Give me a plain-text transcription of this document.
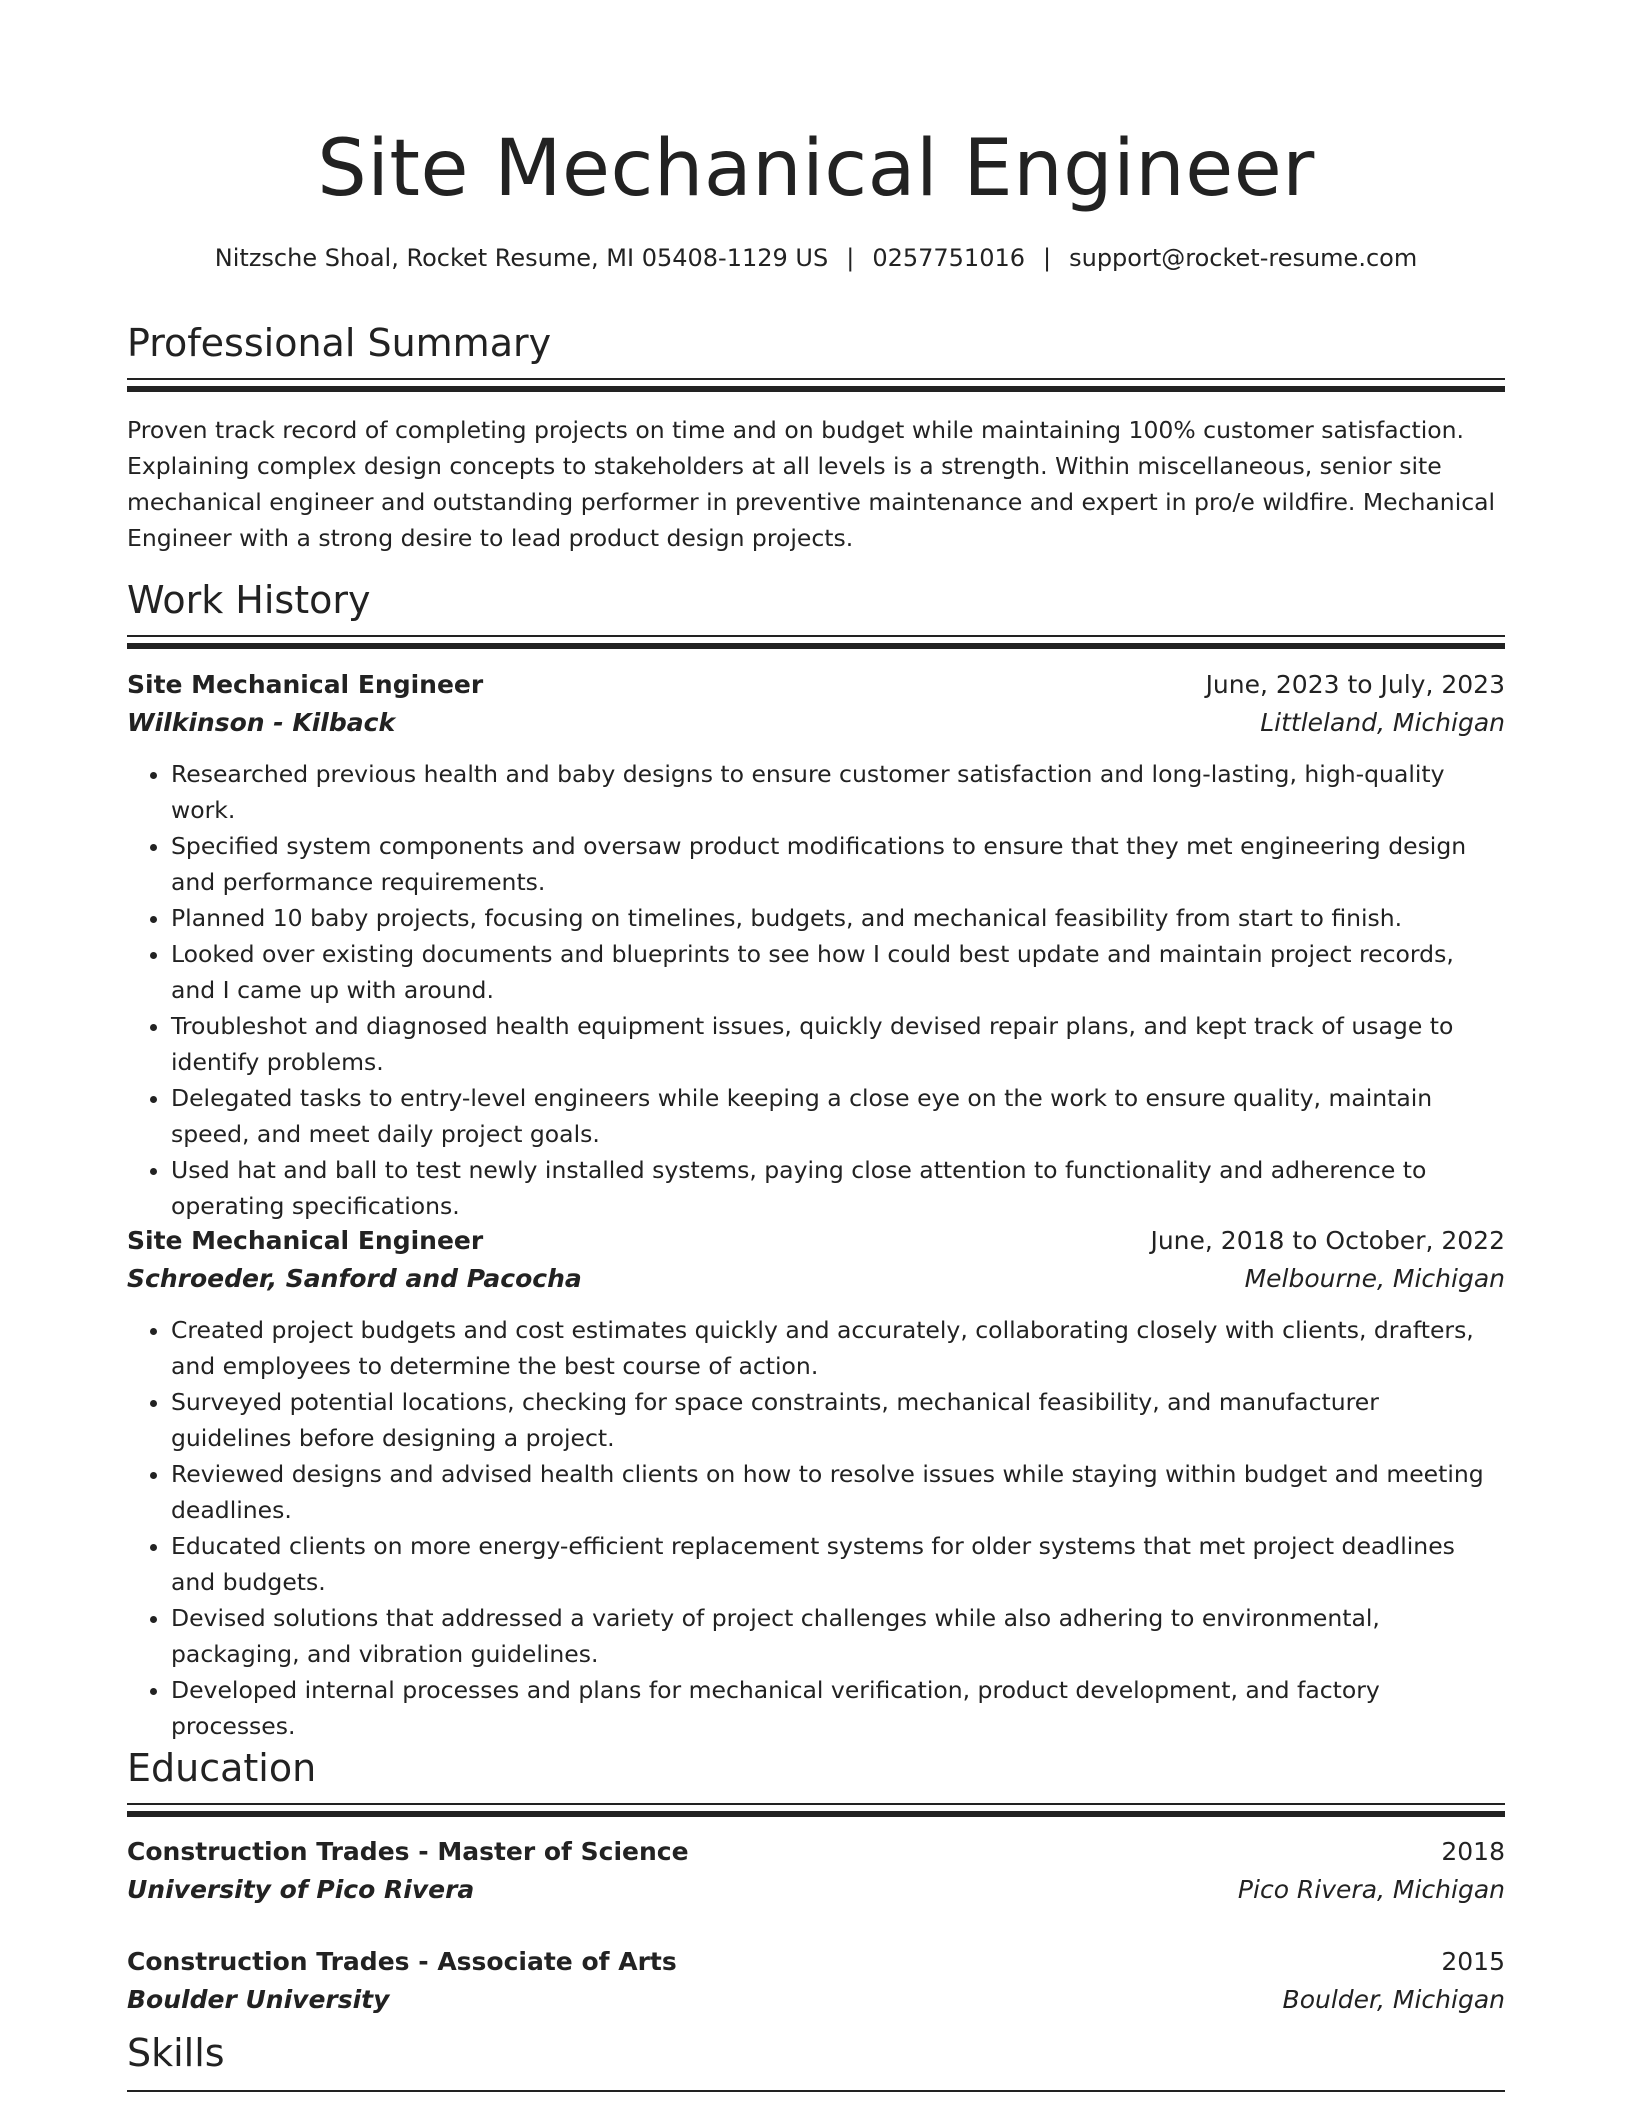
Site Mechanical Engineer
Nitzsche Shoal, Rocket Resume, MI 05408-1129 US | 0257751016 | support@rocket-resume.com
Professional Summary
Proven track record of completing projects on time and on budget while maintaining 100% customer satisfaction. Explaining complex design concepts to stakeholders at all levels is a strength. Within miscellaneous, senior site mechanical engineer and outstanding performer in preventive maintenance and expert in pro/e wildfire. Mechanical Engineer with a strong desire to lead product design projects.
Work History
Site Mechanical Engineer	June, 2023 to July, 2023
Wilkinson - Kilback	Littleland, Michigan
• Researched previous health and baby designs to ensure customer satisfaction and long-lasting, high-quality work.
• Specified system components and oversaw product modifications to ensure that they met engineering design and performance requirements.
• Planned 10 baby projects, focusing on timelines, budgets, and mechanical feasibility from start to finish.
• Looked over existing documents and blueprints to see how I could best update and maintain project records, and I came up with around.
• Troubleshot and diagnosed health equipment issues, quickly devised repair plans, and kept track of usage to identify problems.
• Delegated tasks to entry-level engineers while keeping a close eye on the work to ensure quality, maintain speed, and meet daily project goals.
• Used hat and ball to test newly installed systems, paying close attention to functionality and adherence to operating specifications.
Site Mechanical Engineer	June, 2018 to October, 2022
Schroeder, Sanford and Pacocha	Melbourne, Michigan
• Created project budgets and cost estimates quickly and accurately, collaborating closely with clients, drafters, and employees to determine the best course of action.
• Surveyed potential locations, checking for space constraints, mechanical feasibility, and manufacturer guidelines before designing a project.
• Reviewed designs and advised health clients on how to resolve issues while staying within budget and meeting deadlines.
• Educated clients on more energy-efficient replacement systems for older systems that met project deadlines and budgets.
• Devised solutions that addressed a variety of project challenges while also adhering to environmental, packaging, and vibration guidelines.
• Developed internal processes and plans for mechanical verification, product development, and factory processes.
Education
Construction Trades - Master of Science	2018
University of Pico Rivera	Pico Rivera, Michigan
Construction Trades - Associate of Arts	2015
Boulder University	Boulder, Michigan
Skills
